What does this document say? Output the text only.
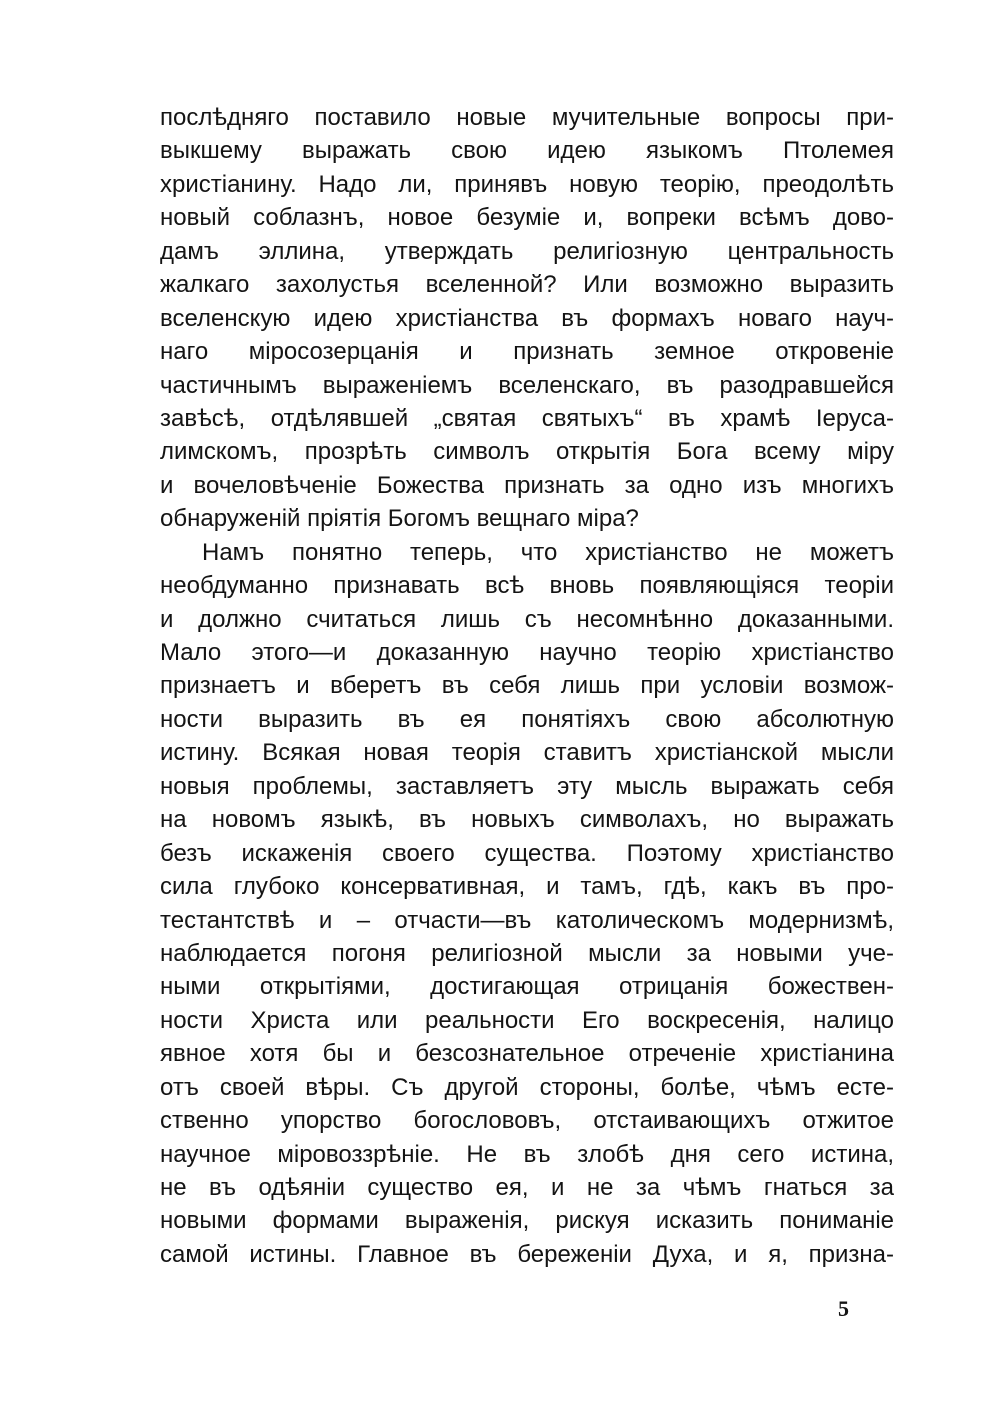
послѣдняго поставило новые мучительные вопросы при-
выкшему выражать свою идею языкомъ Птолемея
христіанину. Надо ли, принявъ новую теорію, преодолѣть
новый соблазнъ, новое безуміе и, вопреки всѣмъ дово-
дамъ эллина, утверждать религіозную центральность
жалкаго захолустья вселенной? Или возможно выразить
вселенскую идею христіанства въ формахъ новаго науч-
наго міросозерцанія и признать земное откровеніе
частичнымъ выраженіемъ вселенскаго, въ разодравшейся
завѣсѣ, отдѣлявшей „святая святыхъ“ въ храмѣ Іеруса-
лимскомъ, прозрѣть символъ открытія Бога всему міру
и вочеловѣченіе Божества признать за одно изъ многихъ
обнаруженій пріятія Богомъ вещнаго міра?
Намъ понятно теперь, что христіанство не можетъ
необдуманно признавать всѣ вновь появляющіяся теоріи
и должно считаться лишь съ несомнѣнно доказанными.
Мало этого—и доказанную научно теорію христіанство
признаетъ и вберетъ въ себя лишь при условіи возмож-
ности выразить въ ея понятіяхъ свою абсолютную
истину. Всякая новая теорія ставитъ христіанской мысли
новыя проблемы, заставляетъ эту мысль выражать себя
на новомъ языкѣ, въ новыхъ символахъ, но выражать
безъ искаженія своего существа. Поэтому христіанство
сила глубоко консервативная, и тамъ, гдѣ, какъ въ про-
тестантствѣ и – отчасти—въ католическомъ модернизмѣ,
наблюдается погоня религіозной мысли за новыми уче-
ными открытіями, достигающая отрицанія божествен-
ности Христа или реальности Его воскресенія, налицо
явное хотя бы и безсознательное отреченіе христіанина
отъ своей вѣры. Съ другой стороны, болѣе, чѣмъ есте-
ственно упорство богослововъ, отстаивающихъ отжитое
научное міровоззрѣніе. Не въ злобѣ дня сего истина,
не въ одѣяніи существо ея, и не за чѣмъ гнаться за
новыми формами выраженія, рискуя исказить пониманіе
самой истины. Главное въ бережeніи Духа, и я, призна-
5
